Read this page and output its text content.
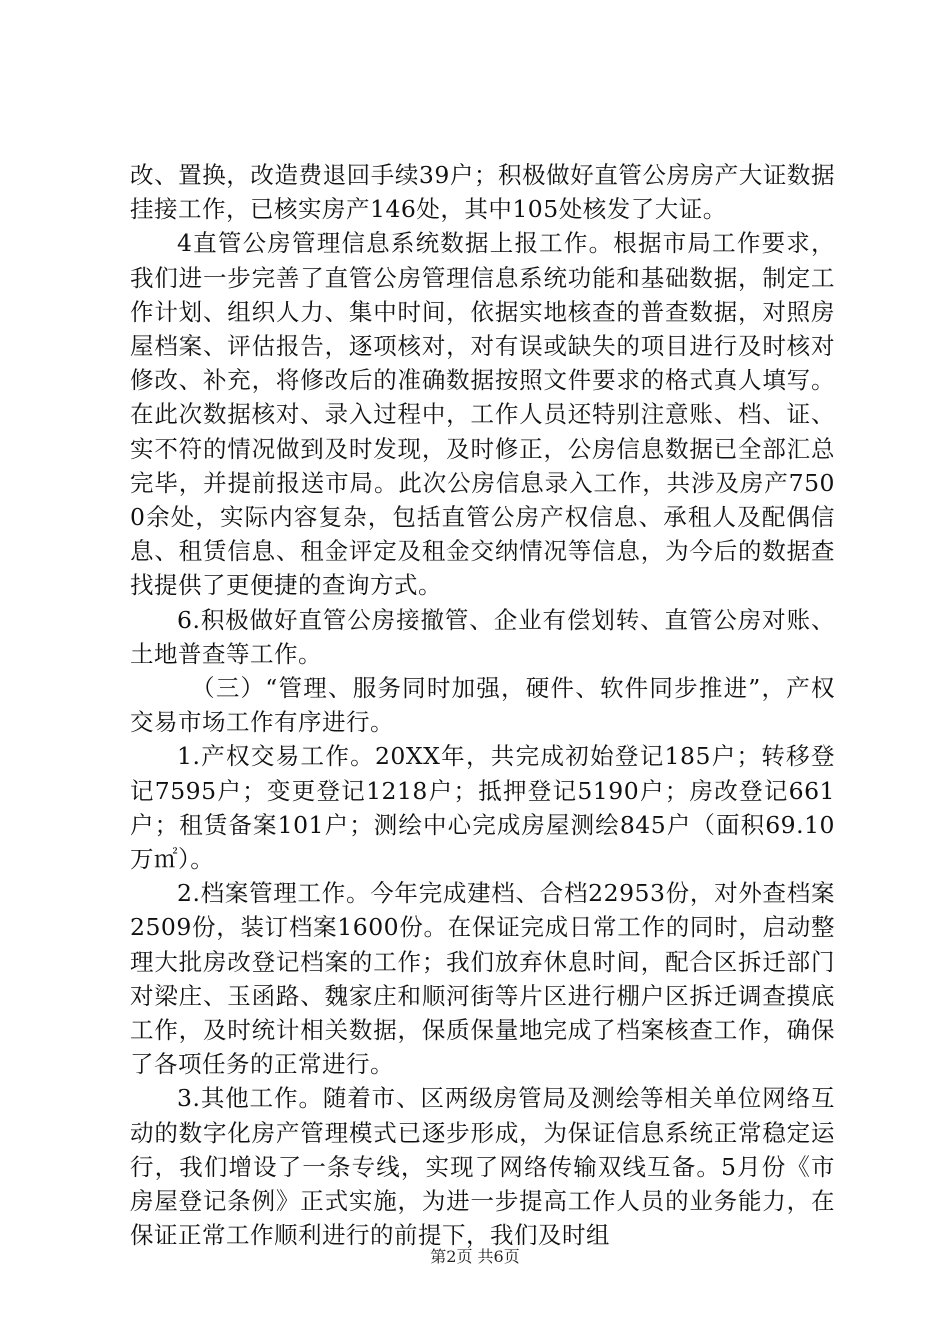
改、置换，改造费退回手续39户；积极做好直管公房房产大证数据挂接工作，已核实房产146处，其中105处核发了大证。

4直管公房管理信息系统数据上报工作。根据市局工作要求，我们进一步完善了直管公房管理信息系统功能和基础数据，制定工作计划、组织人力、集中时间，依据实地核查的普查数据，对照房屋档案、评估报告，逐项核对，对有误或缺失的项目进行及时核对修改、补充，将修改后的准确数据按照文件要求的格式真人填写。在此次数据核对、录入过程中，工作人员还特别注意账、档、证、实不符的情况做到及时发现，及时修正，公房信息数据已全部汇总完毕，并提前报送市局。此次公房信息录入工作，共涉及房产7500余处，实际内容复杂，包括直管公房产权信息、承租人及配偶信息、租赁信息、租金评定及租金交纳情况等信息，为今后的数据查找提供了更便捷的查询方式。

6.积极做好直管公房接撤管、企业有偿划转、直管公房对账、土地普查等工作。

（三）“管理、服务同时加强，硬件、软件同步推进”，产权交易市场工作有序进行。

1.产权交易工作。20XX年，共完成初始登记185户；转移登记7595户；变更登记1218户；抵押登记5190户；房改登记661户；租赁备案101户；测绘中心完成房屋测绘845户（面积69.10万㎡）。

2.档案管理工作。今年完成建档、合档22953份，对外查档案2509份，装订档案1600份。在保证完成日常工作的同时，启动整理大批房改登记档案的工作；我们放弃休息时间，配合区拆迁部门对梁庄、玉函路、魏家庄和顺河街等片区进行棚户区拆迁调查摸底工作，及时统计相关数据，保质保量地完成了档案核查工作，确保了各项任务的正常进行。

3.其他工作。随着市、区两级房管局及测绘等相关单位网络互动的数字化房产管理模式已逐步形成，为保证信息系统正常稳定运行，我们增设了一条专线，实现了网络传输双线互备。5月份《市房屋登记条例》正式实施，为进一步提高工作人员的业务能力，在保证正常工作顺利进行的前提下，我们及时组

第2页 共6页
